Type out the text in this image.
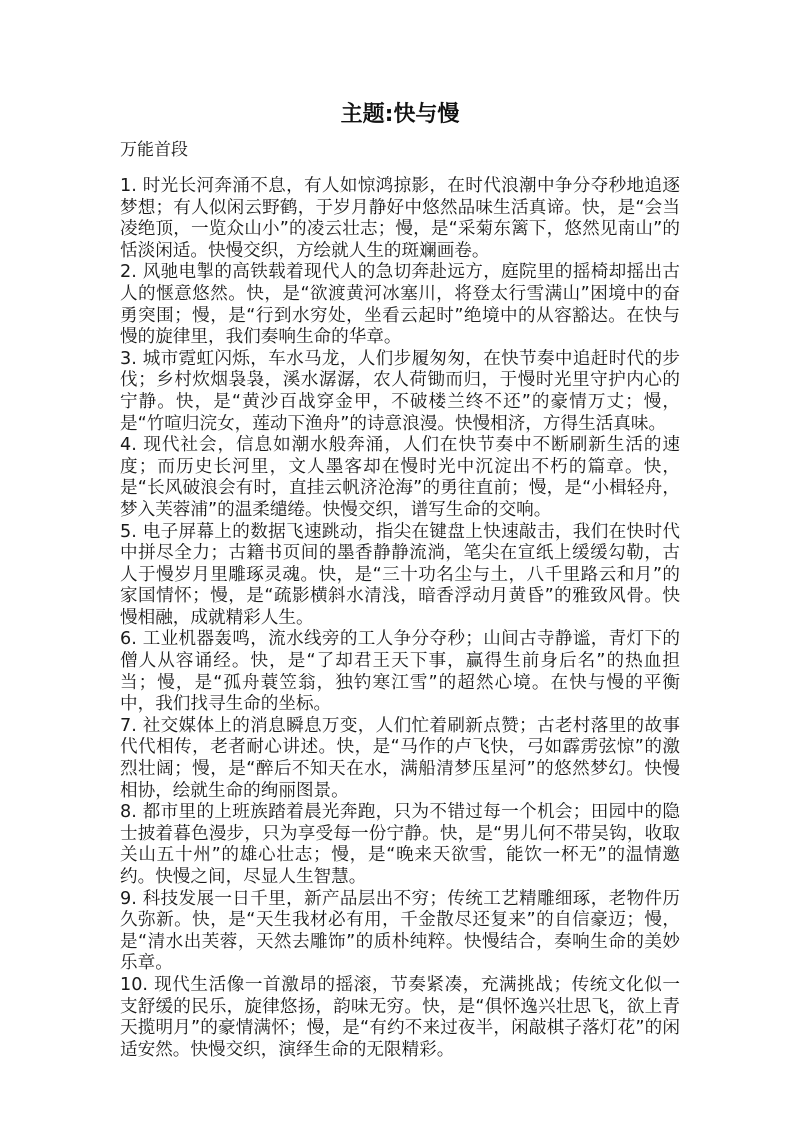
主题:快与慢

万能首段

1. 时光长河奔涌不息，有人如惊鸿掠影，在时代浪潮中争分夺秒地追逐梦想；有人似闲云野鹤，于岁月静好中悠然品味生活真谛。快，是“会当凌绝顶，一览众山小”的凌云壮志；慢，是“采菊东篱下，悠然见南山”的恬淡闲适。快慢交织，方绘就人生的斑斓画卷。

2. 风驰电掣的高铁载着现代人的急切奔赴远方，庭院里的摇椅却摇出古人的惬意悠然。快，是“欲渡黄河冰塞川，将登太行雪满山”困境中的奋勇突围；慢，是“行到水穷处，坐看云起时”绝境中的从容豁达。在快与慢的旋律里，我们奏响生命的华章。

3. 城市霓虹闪烁，车水马龙，人们步履匆匆，在快节奏中追赶时代的步伐；乡村炊烟袅袅，溪水潺潺，农人荷锄而归，于慢时光里守护内心的宁静。快，是“黄沙百战穿金甲，不破楼兰终不还”的豪情万丈；慢，是“竹喧归浣女，莲动下渔舟”的诗意浪漫。快慢相济，方得生活真味。

4. 现代社会，信息如潮水般奔涌，人们在快节奏中不断刷新生活的速度；而历史长河里，文人墨客却在慢时光中沉淀出不朽的篇章。快，是“长风破浪会有时，直挂云帆济沧海”的勇往直前；慢，是“小楫轻舟，梦入芙蓉浦”的温柔缱绻。快慢交织，谱写生命的交响。

5. 电子屏幕上的数据飞速跳动，指尖在键盘上快速敲击，我们在快时代中拼尽全力；古籍书页间的墨香静静流淌，笔尖在宣纸上缓缓勾勒，古人于慢岁月里雕琢灵魂。快，是“三十功名尘与土，八千里路云和月”的家国情怀；慢，是“疏影横斜水清浅，暗香浮动月黄昏”的雅致风骨。快慢相融，成就精彩人生。

6. 工业机器轰鸣，流水线旁的工人争分夺秒；山间古寺静谧，青灯下的僧人从容诵经。快，是“了却君王天下事，赢得生前身后名”的热血担当；慢，是“孤舟蓑笠翁，独钓寒江雪”的超然心境。在快与慢的平衡中，我们找寻生命的坐标。

7. 社交媒体上的消息瞬息万变，人们忙着刷新点赞；古老村落里的故事代代相传，老者耐心讲述。快，是“马作的卢飞快，弓如霹雳弦惊”的激烈壮阔；慢，是“醉后不知天在水，满船清梦压星河”的悠然梦幻。快慢相协，绘就生命的绚丽图景。

8. 都市里的上班族踏着晨光奔跑，只为不错过每一个机会；田园中的隐士披着暮色漫步，只为享受每一份宁静。快，是“男儿何不带吴钩，收取关山五十州”的雄心壮志；慢，是“晚来天欲雪，能饮一杯无”的温情邀约。快慢之间，尽显人生智慧。

9. 科技发展一日千里，新产品层出不穷；传统工艺精雕细琢，老物件历久弥新。快，是“天生我材必有用，千金散尽还复来”的自信豪迈；慢，是“清水出芙蓉，天然去雕饰”的质朴纯粹。快慢结合，奏响生命的美妙乐章。

10. 现代生活像一首激昂的摇滚，节奏紧凑，充满挑战；传统文化似一支舒缓的民乐，旋律悠扬，韵味无穷。快，是“俱怀逸兴壮思飞，欲上青天揽明月”的豪情满怀；慢，是“有约不来过夜半，闲敲棋子落灯花”的闲适安然。快慢交织，演绎生命的无限精彩。
